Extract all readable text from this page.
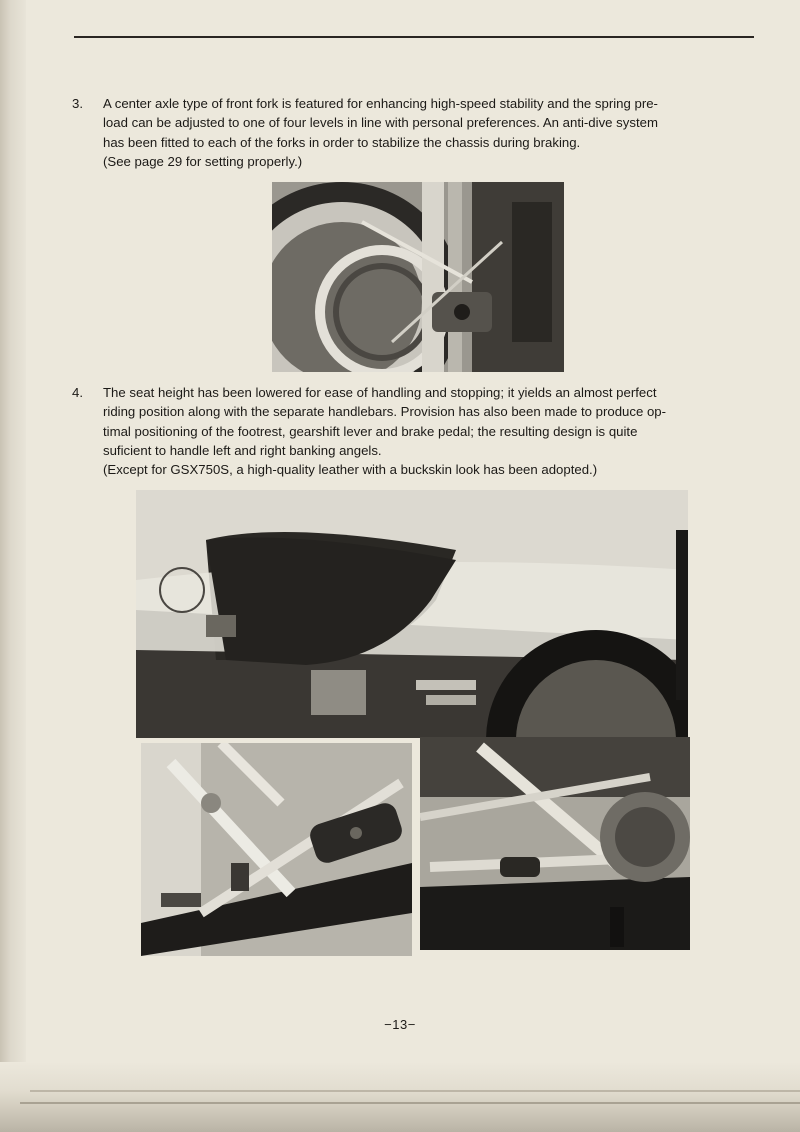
3.	A center axle type of front fork is featured for enhancing high-speed stability and the spring pre-

load can be adjusted to one of four levels in line with personal preferences. An anti-dive system

has been fitted to each of the forks in order to stabilize the chassis during braking.

(See page 29 for setting properly.)

4.	The seat height has been lowered for ease of handling and stopping; it yields an almost perfect

riding position along with the separate handlebars. Provision has also been made to produce op-

timal positioning of the footrest, gearshift lever and brake pedal; the resulting design is quite

suficient to handle left and right banking angels.

(Except for GSX750S, a high-quality leather with a buckskin look has been adopted.)

−13−
